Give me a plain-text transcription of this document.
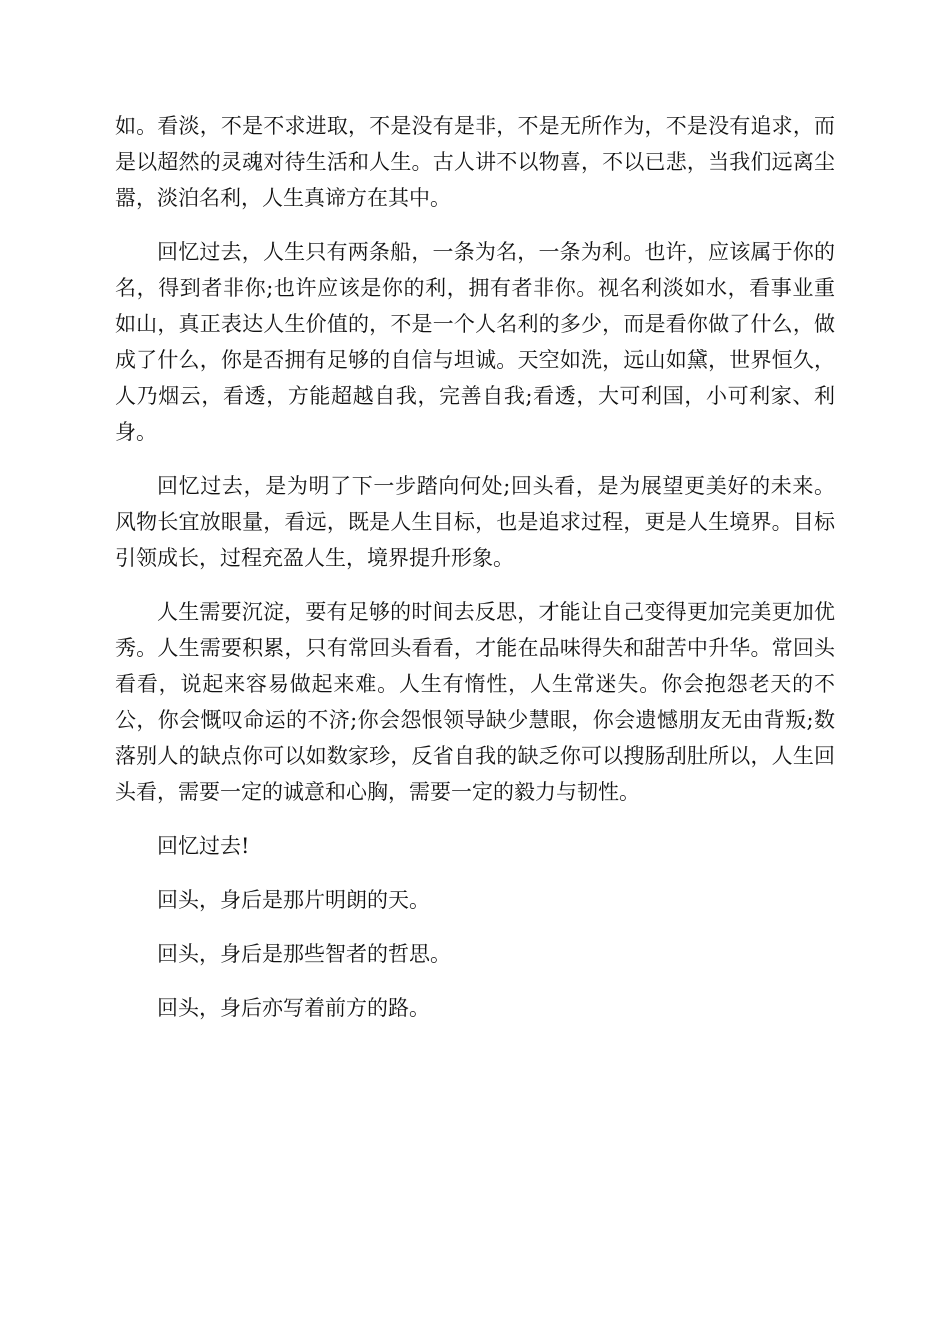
如。看淡，不是不求进取，不是没有是非，不是无所作为，不是没有追求，而是以超然的灵魂对待生活和人生。古人讲不以物喜，不以已悲，当我们远离尘嚣，淡泊名利，人生真谛方在其中。

回忆过去，人生只有两条船，一条为名，一条为利。也许，应该属于你的名，得到者非你;也许应该是你的利，拥有者非你。视名利淡如水，看事业重如山，真正表达人生价值的，不是一个人名利的多少，而是看你做了什么，做成了什么，你是否拥有足够的自信与坦诚。天空如洗，远山如黛，世界恒久，人乃烟云，看透，方能超越自我，完善自我;看透，大可利国，小可利家、利身。

回忆过去，是为明了下一步踏向何处;回头看，是为展望更美好的未来。风物长宜放眼量，看远，既是人生目标，也是追求过程，更是人生境界。目标引领成长，过程充盈人生，境界提升形象。

人生需要沉淀，要有足够的时间去反思，才能让自己变得更加完美更加优秀。人生需要积累，只有常回头看看，才能在品味得失和甜苦中升华。常回头看看，说起来容易做起来难。人生有惰性，人生常迷失。你会抱怨老天的不公，你会慨叹命运的不济;你会怨恨领导缺少慧眼，你会遗憾朋友无由背叛;数落别人的缺点你可以如数家珍，反省自我的缺乏你可以搜肠刮肚所以，人生回头看，需要一定的诚意和心胸，需要一定的毅力与韧性。

回忆过去!

回头，身后是那片明朗的天。

回头，身后是那些智者的哲思。

回头，身后亦写着前方的路。
